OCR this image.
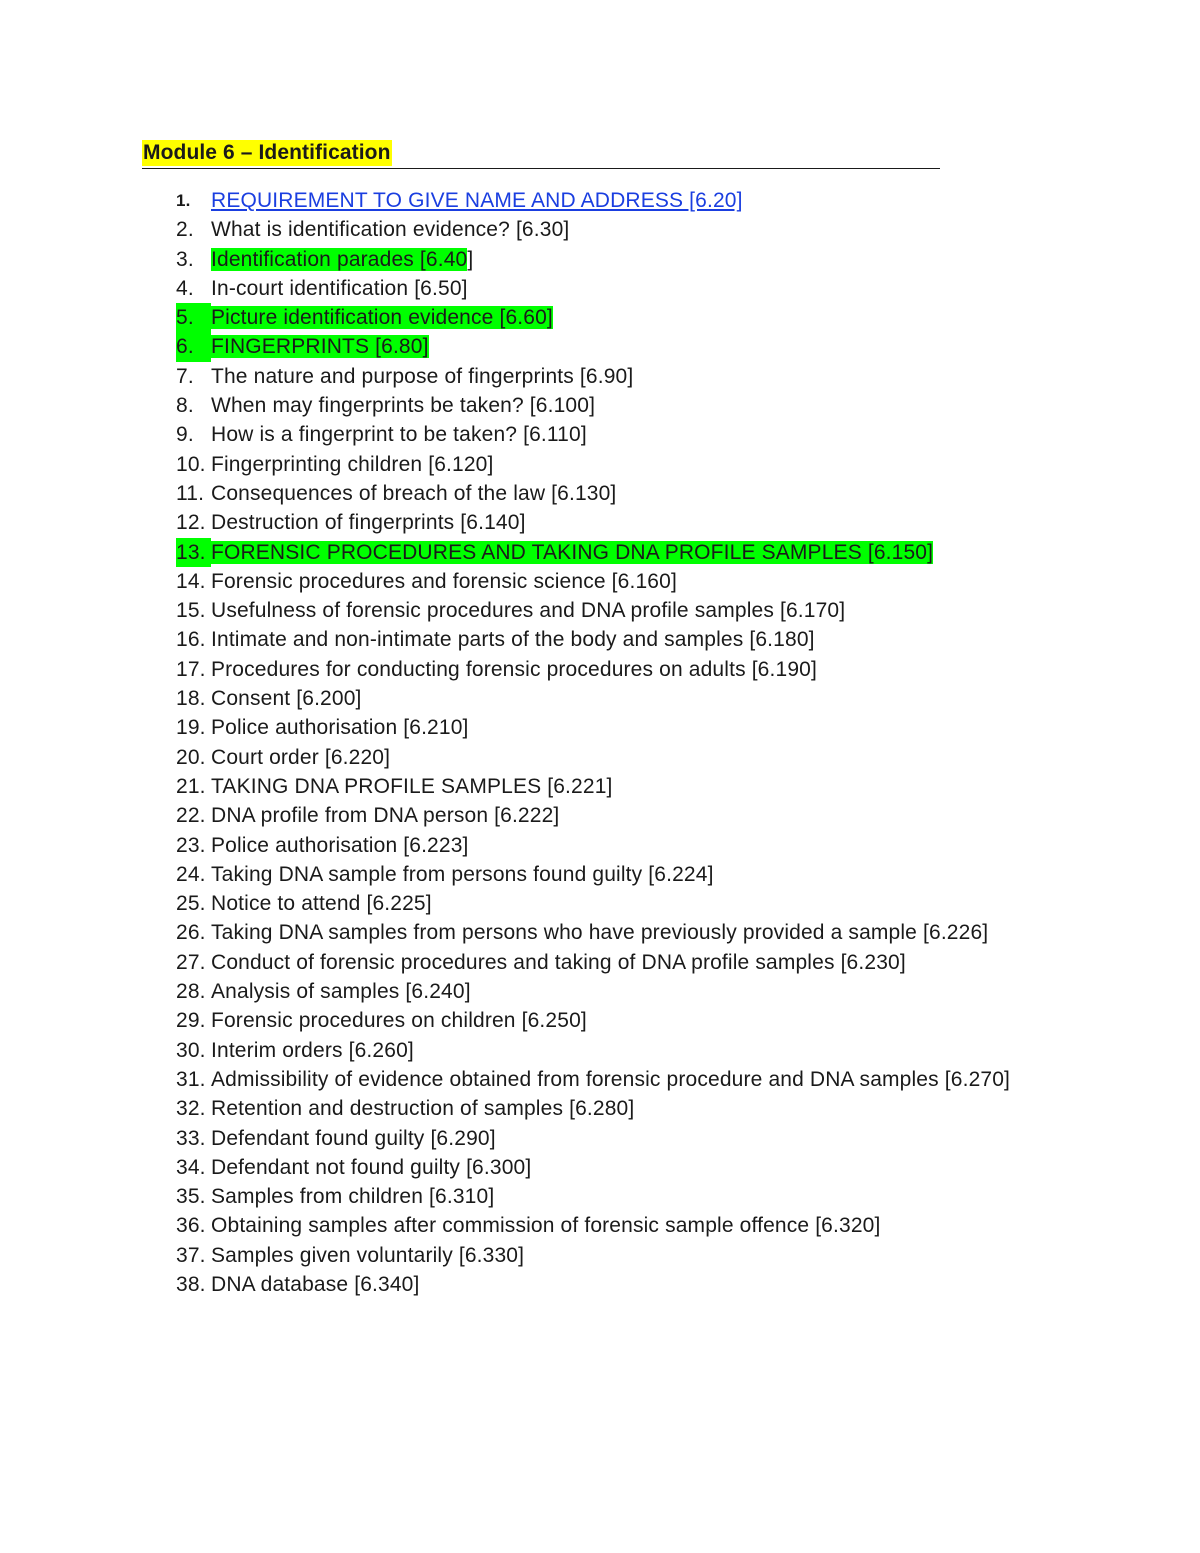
Module 6 – Identification
1. REQUIREMENT TO GIVE NAME AND ADDRESS [6.20]
2. What is identification evidence? [6.30]
3. Identification parades [6.40]
4. In-court identification [6.50]
5. Picture identification evidence [6.60]
6. FINGERPRINTS [6.80]
7. The nature and purpose of fingerprints [6.90]
8. When may fingerprints be taken? [6.100]
9. How is a fingerprint to be taken? [6.110]
10. Fingerprinting children [6.120]
11. Consequences of breach of the law [6.130]
12. Destruction of fingerprints [6.140]
13. FORENSIC PROCEDURES AND TAKING DNA PROFILE SAMPLES [6.150]
14. Forensic procedures and forensic science [6.160]
15. Usefulness of forensic procedures and DNA profile samples [6.170]
16. Intimate and non-intimate parts of the body and samples [6.180]
17. Procedures for conducting forensic procedures on adults [6.190]
18. Consent [6.200]
19. Police authorisation [6.210]
20. Court order [6.220]
21. TAKING DNA PROFILE SAMPLES [6.221]
22. DNA profile from DNA person [6.222]
23. Police authorisation [6.223]
24. Taking DNA sample from persons found guilty [6.224]
25. Notice to attend [6.225]
26. Taking DNA samples from persons who have previously provided a sample [6.226]
27. Conduct of forensic procedures and taking of DNA profile samples [6.230]
28. Analysis of samples [6.240]
29. Forensic procedures on children [6.250]
30. Interim orders [6.260]
31. Admissibility of evidence obtained from forensic procedure and DNA samples [6.270]
32. Retention and destruction of samples [6.280]
33. Defendant found guilty [6.290]
34. Defendant not found guilty [6.300]
35. Samples from children [6.310]
36. Obtaining samples after commission of forensic sample offence [6.320]
37. Samples given voluntarily [6.330]
38. DNA database [6.340]
